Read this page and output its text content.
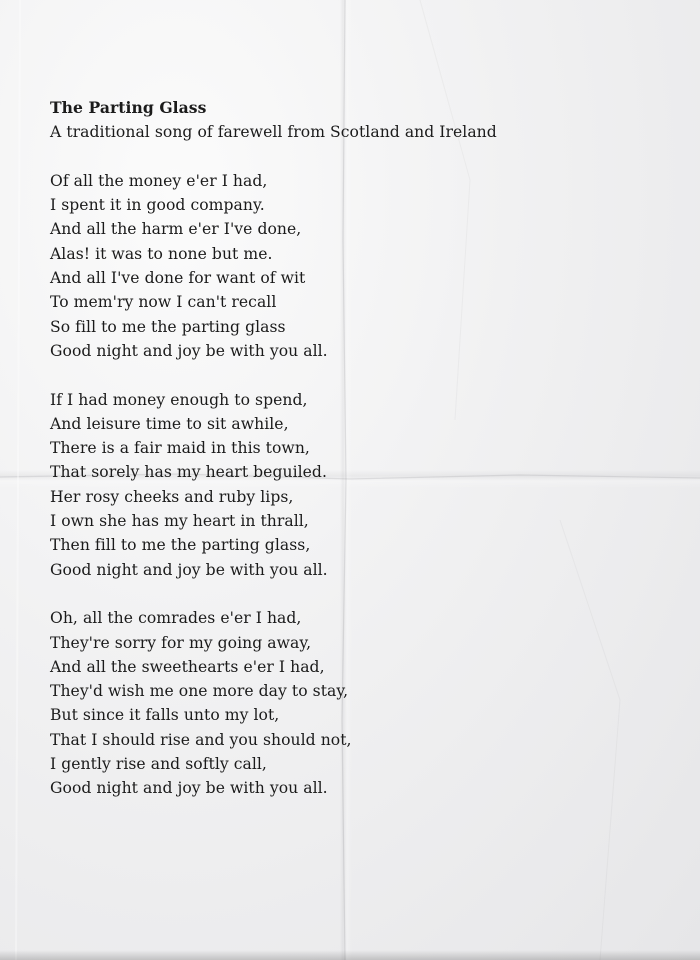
The Parting Glass

A traditional song of farewell from Scotland and Ireland

Of all the money e'er I had,
I spent it in good company.
And all the harm e'er I've done,
Alas! it was to none but me.
And all I've done for want of wit
To mem'ry now I can't recall
So fill to me the parting glass
Good night and joy be with you all.
If I had money enough to spend,
And leisure time to sit awhile,
There is a fair maid in this town,
That sorely has my heart beguiled.
Her rosy cheeks and ruby lips,
I own she has my heart in thrall,
Then fill to me the parting glass,
Good night and joy be with you all.
Oh, all the comrades e'er I had,
They're sorry for my going away,
And all the sweethearts e'er I had,
They'd wish me one more day to stay,
But since it falls unto my lot,
That I should rise and you should not,
I gently rise and softly call,
Good night and joy be with you all.
